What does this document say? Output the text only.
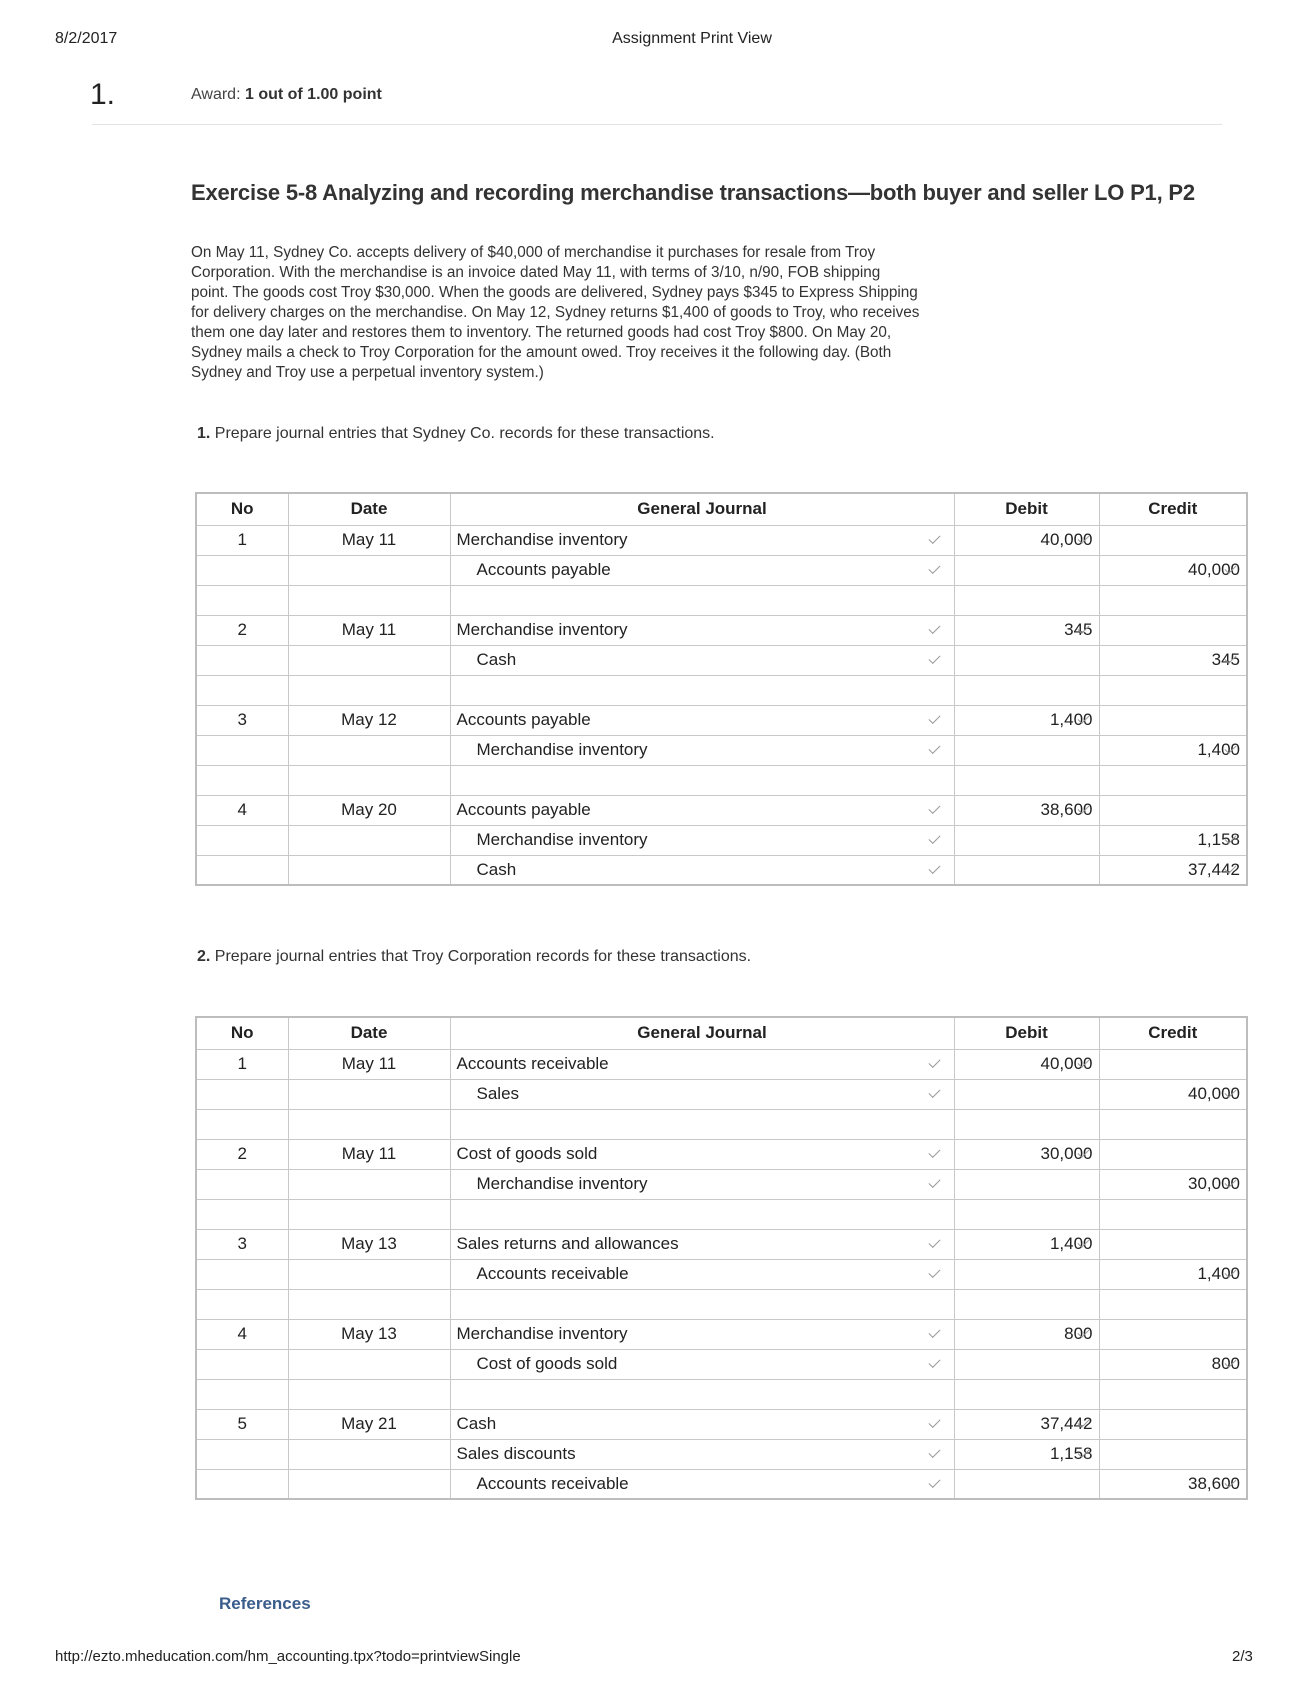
8/2/2017	Assignment Print View
1.	Award: 1 out of 1.00 point
Exercise 5-8 Analyzing and recording merchandise transactions—both buyer and seller LO P1, P2
On May 11, Sydney Co. accepts delivery of $40,000 of merchandise it purchases for resale from Troy
Corporation. With the merchandise is an invoice dated May 11, with terms of 3/10, n/90, FOB shipping
point. The goods cost Troy $30,000. When the goods are delivered, Sydney pays $345 to Express Shipping
for delivery charges on the merchandise. On May 12, Sydney returns $1,400 of goods to Troy, who receives
them one day later and restores them to inventory. The returned goods had cost Troy $800. On May 20,
Sydney mails a check to Troy Corporation for the amount owed. Troy receives it the following day. (Both
Sydney and Troy use a perpetual inventory system.)
1. Prepare journal entries that Sydney Co. records for these transactions.
No	Date	General Journal	Debit	Credit
1	May 11	Merchandise inventory	40,000

		Accounts payable		40,000

2	May 11	Merchandise inventory	345

		Cash		345

3	May 12	Accounts payable	1,400

		Merchandise inventory		1,400

4	May 20	Accounts payable	38,600

		Merchandise inventory		1,158

		Cash		37,442
2. Prepare journal entries that Troy Corporation records for these transactions.
No	Date	General Journal	Debit	Credit
1	May 11	Accounts receivable	40,000

		Sales		40,000

2	May 11	Cost of goods sold	30,000

		Merchandise inventory		30,000

3	May 13	Sales returns and allowances	1,400

		Accounts receivable		1,400

4	May 13	Merchandise inventory	800

		Cost of goods sold		800

5	May 21	Cash	37,442

		Sales discounts	1,158

		Accounts receivable		38,600
References
http://ezto.mheducation.com/hm_accounting.tpx?todo=printviewSingle	2/3
